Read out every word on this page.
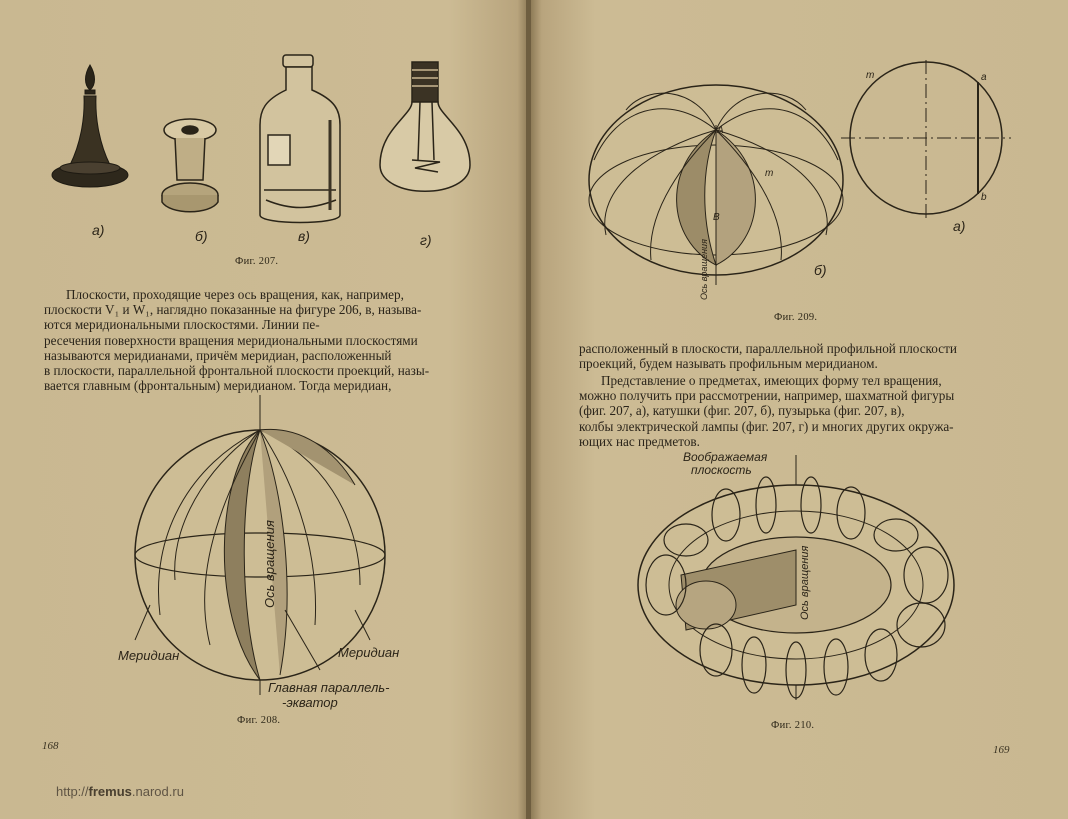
а)	б)	в)	г)
Фиг. 207.
Плоскости, проходящие через ось вращения, как, например,
плоскости V₁ и W₁, наглядно показанные на фигуре 206, в, называ-
ются меридиональными плоскостями. Линии пе-
ресечения поверхности вращения меридиональными плоскостями
называются меридианами, причём меридиан, расположенный
в плоскости, параллельной фронтальной плоскости проекций, назы-
вается главным (фронтальным) меридианом. Тогда меридиан,
Ось вращения
Меридиан	Меридиан
Главная параллель-
-экватор
Фиг. 208.
168
http://fremus.narod.ru
A
B
m
Ось вращения	б)
m	a
b
а)
Фиг. 209.
расположенный в плоскости, параллельной профильной плоскости
проекций, будем называть профильным меридианом.
Представление о предметах, имеющих форму тел вращения,
можно получить при рассмотрении, например, шахматной фигуры
(фиг. 207, а), катушки (фиг. 207, б), пузырька (фиг. 207, в),
колбы электрической лампы (фиг. 207, г) и многих других окружа-
ющих нас предметов.
Воображаемая
плоскость
Ось вращения
Фиг. 210.
169
